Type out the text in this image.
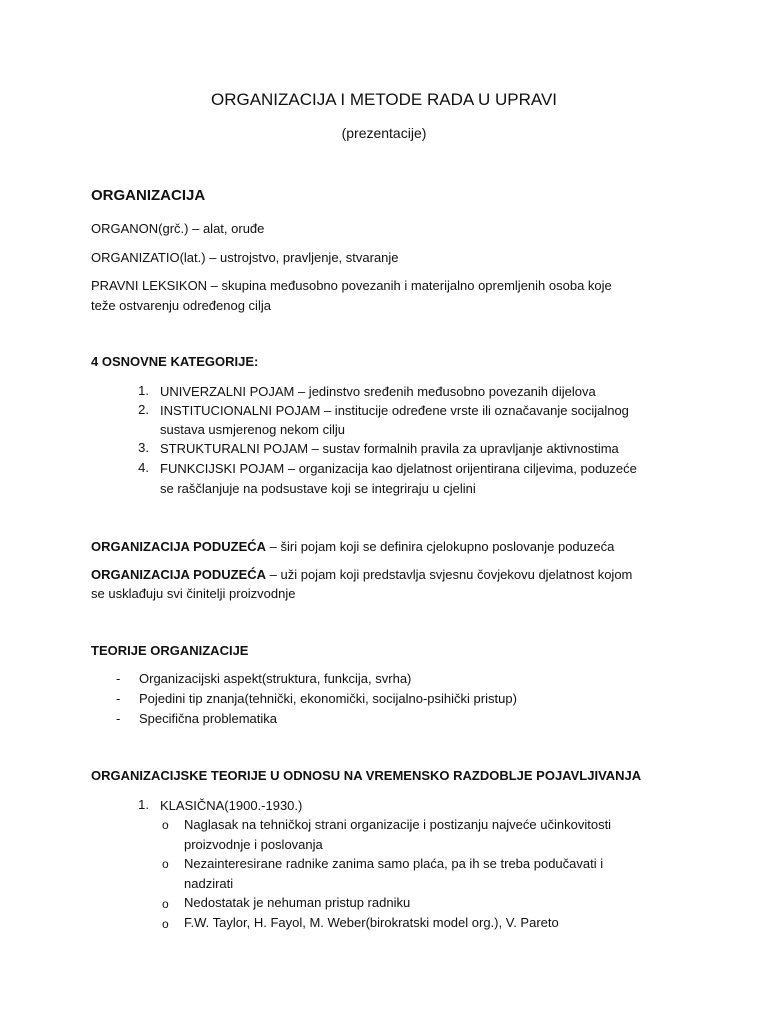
ORGANIZACIJA I METODE RADA U UPRAVI
(prezentacije)
ORGANIZACIJA
ORGANON(grč.) – alat, oruđe
ORGANIZATIO(lat.) – ustrojstvo, pravljenje, stvaranje
PRAVNI LEKSIKON – skupina međusobno povezanih i materijalno opremljenih osoba koje
teže ostvarenju određenog cilja
4 OSNOVNE KATEGORIJE:
1. UNIVERZALNI POJAM – jedinstvo sređenih međusobno povezanih dijelova
2. INSTITUCIONALNI POJAM – institucije određene vrste ili označavanje socijalnog
sustava usmjerenog nekom cilju
3. STRUKTURALNI POJAM – sustav formalnih pravila za upravljanje aktivnostima
4. FUNKCIJSKI POJAM – organizacija kao djelatnost orijentirana ciljevima, poduzeće
se raščlanjuje na podsustave koji se integriraju u cjelini
ORGANIZACIJA PODUZEĆA – širi pojam koji se definira cjelokupno poslovanje poduzeća
ORGANIZACIJA PODUZEĆA – uži pojam koji predstavlja svjesnu čovjekovu djelatnost kojom
se usklađuju svi činitelji proizvodnje
TEORIJE ORGANIZACIJE
- Organizacijski aspekt(struktura, funkcija, svrha)
- Pojedini tip znanja(tehnički, ekonomički, socijalno-psihički pristup)
- Specifična problematika
ORGANIZACIJSKE TEORIJE U ODNOSU NA VREMENSKO RAZDOBLJE POJAVLJIVANJA
1. KLASIČNA(1900.-1930.)
o Naglasak na tehničkoj strani organizacije i postizanju najveće učinkovitosti
proizvodnje i poslovanja
o Nezainteresirane radnike zanima samo plaća, pa ih se treba podučavati i
nadzirati
o Nedostatak je nehuman pristup radniku
o F.W. Taylor, H. Fayol, M. Weber(birokratski model org.), V. Pareto
